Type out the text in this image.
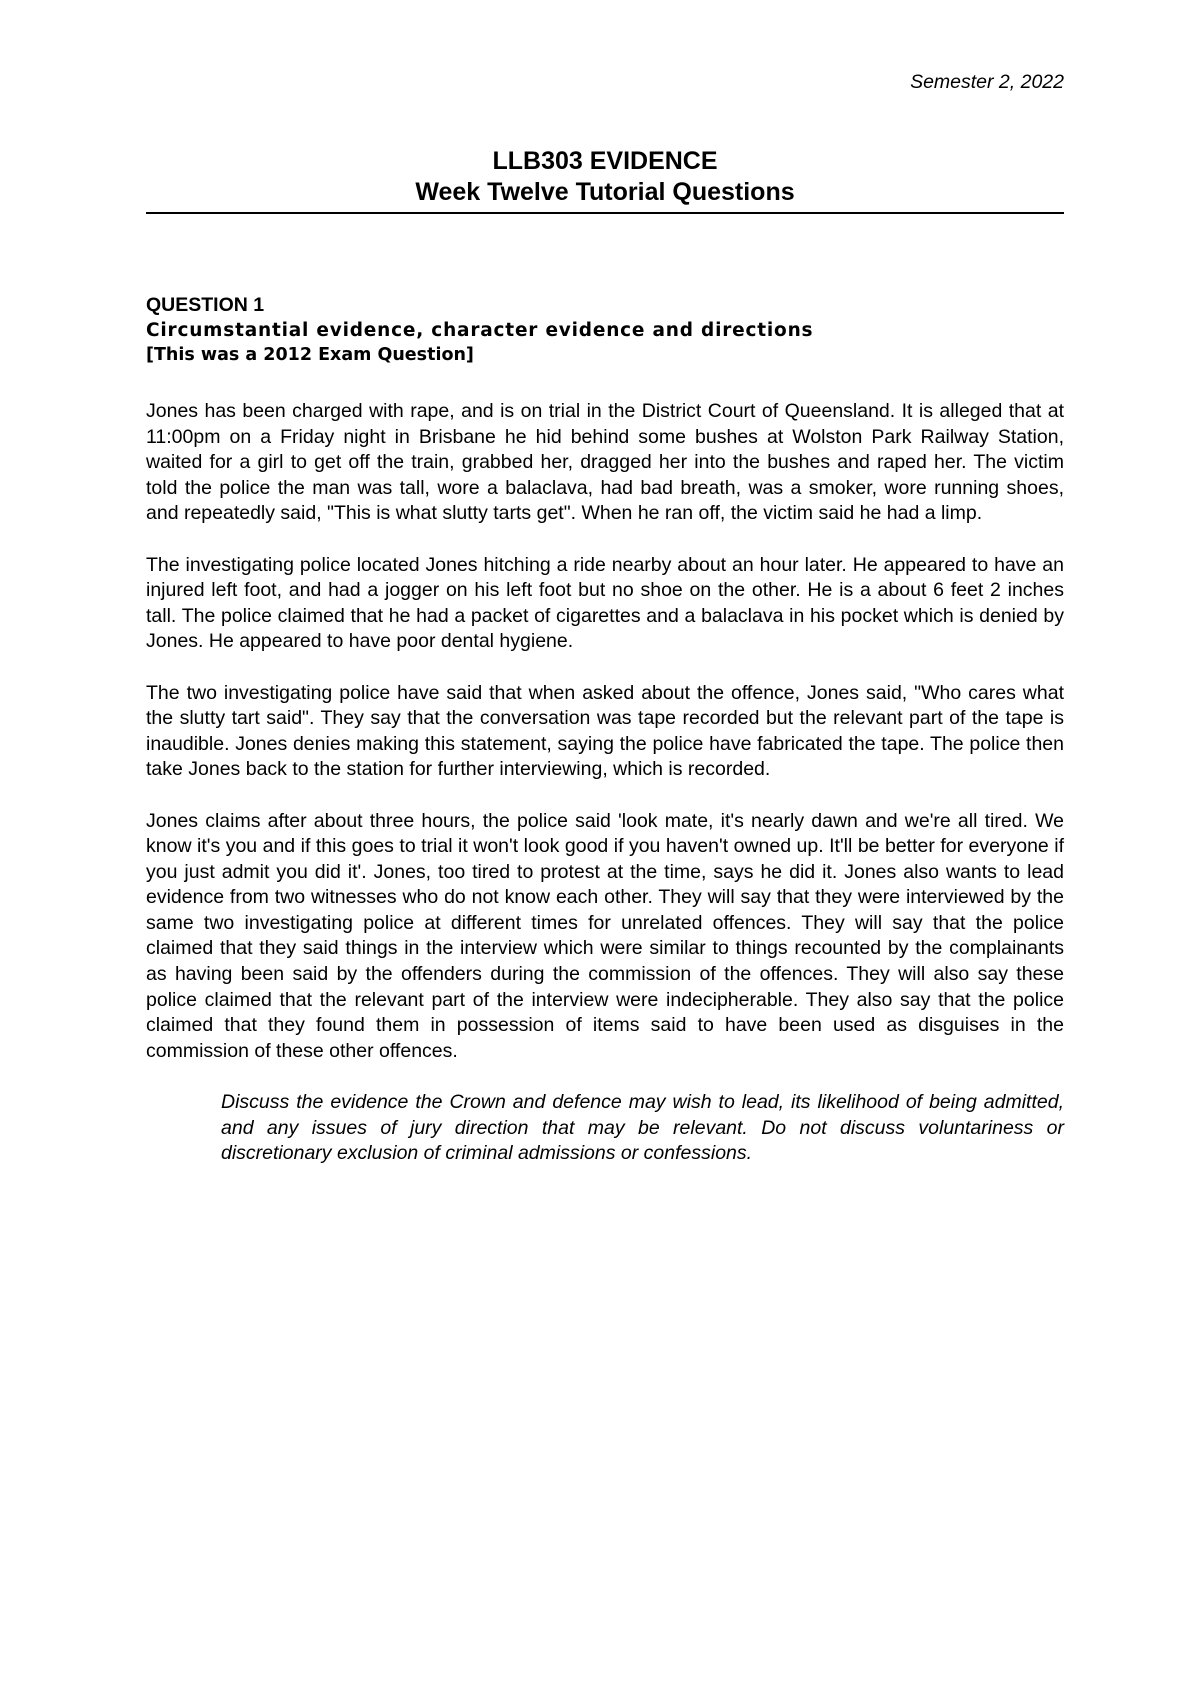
Semester 2, 2022
LLB303 EVIDENCE
Week Twelve Tutorial Questions
QUESTION 1
Circumstantial evidence, character evidence and directions
[This was a 2012 Exam Question]

Jones has been charged with rape, and is on trial in the District Court of Queensland. It is alleged that at 11:00pm on a Friday night in Brisbane he hid behind some bushes at Wolston Park Railway Station, waited for a girl to get off the train, grabbed her, dragged her into the bushes and raped her. The victim told the police the man was tall, wore a balaclava, had bad breath, was a smoker, wore running shoes, and repeatedly said, "This is what slutty tarts get". When he ran off, the victim said he had a limp.

The investigating police located Jones hitching a ride nearby about an hour later. He appeared to have an injured left foot, and had a jogger on his left foot but no shoe on the other. He is a about 6 feet 2 inches tall. The police claimed that he had a packet of cigarettes and a balaclava in his pocket which is denied by Jones. He appeared to have poor dental hygiene.

The two investigating police have said that when asked about the offence, Jones said, "Who cares what the slutty tart said". They say that the conversation was tape recorded but the relevant part of the tape is inaudible. Jones denies making this statement, saying the police have fabricated the tape. The police then take Jones back to the station for further interviewing, which is recorded.

Jones claims after about three hours, the police said 'look mate, it's nearly dawn and we're all tired. We know it's you and if this goes to trial it won't look good if you haven't owned up. It'll be better for everyone if you just admit you did it'. Jones, too tired to protest at the time, says he did it. Jones also wants to lead evidence from two witnesses who do not know each other. They will say that they were interviewed by the same two investigating police at different times for unrelated offences. They will say that the police claimed that they said things in the interview which were similar to things recounted by the complainants as having been said by the offenders during the commission of the offences. They will also say these police claimed that the relevant part of the interview were indecipherable. They also say that the police claimed that they found them in possession of items said to have been used as disguises in the commission of these other offences.

Discuss the evidence the Crown and defence may wish to lead, its likelihood of being admitted, and any issues of jury direction that may be relevant. Do not discuss voluntariness or discretionary exclusion of criminal admissions or confessions.
